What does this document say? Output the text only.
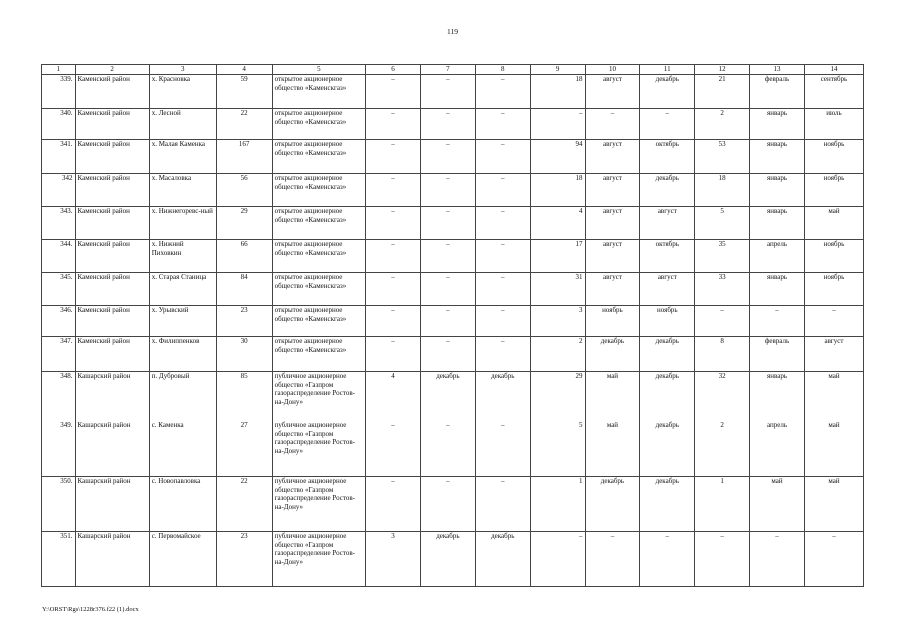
119
1	2	3	4	5	6	7	8	9	10	11	12	13	14
339.	Каменский район	х. Красновка	59	открытое акционерное общество «Каменскгаз»	–	–	–	18	август	декабрь	21	февраль	сентябрь
340.	Каменский район	х. Лесной	22	открытое акционерное общество «Каменскгаз»	–	–	–	–	–	–	2	январь	июль
341.	Каменский район	х. Малая Каменка	167	открытое акционерное общество «Каменскгаз»	–	–	–	94	август	октябрь	53	январь	ноябрь
342	Каменский район	х. Масаловка	56	открытое акционерное общество «Каменскгаз»	–	–	–	18	август	декабрь	18	январь	ноябрь
343.	Каменский район	х. Нижнегоревс-ный	29	открытое акционерное общество «Каменскгаз»	–	–	–	4	август	август	5	январь	май
344.	Каменский район	х. Нижний Пиховкин	66	открытое акционерное общество «Каменскгаз»	–	–	–	17	август	октябрь	35	апрель	ноябрь
345.	Каменский район	х. Старая Станица	84	открытое акционерное общество «Каменскгаз»	–	–	–	31	август	август	33	январь	ноябрь
346.	Каменский район	х. Урывский	23	открытое акционерное общество «Каменскгаз»	–	–	–	3	ноябрь	ноябрь	–	–	–
347.	Каменский район	х. Филиппенков	30	открытое акционерное общество «Каменскгаз»	–	–	–	2	декабрь	декабрь	8	февраль	август
348.	Кашарский район	п. Дубровый	85	публичное акционерное общество «Газпром газораспределение Ростов-на-Дону»	4	декабрь	декабрь	29	май	декабрь	32	январь	май
349.	Кашарский район	с. Каменка	27	публичное акционерное общество «Газпром газораспределение Ростов-на-Дону»	–	–	–	5	май	декабрь	2	апрель	май
350.	Кашарский район	с. Новопавловка	22	публичное акционерное общество «Газпром газораспределение Ростов-на-Дону»	–	–	–	1	декабрь	декабрь	1	май	май
351.	Кашарский район	с. Первомайское	23	публичное акционерное общество «Газпром газораспределение Ростов-на-Дону»	3	декабрь	декабрь	–	–	–	–	–	–
Y:\ORST\Rgs\1228r376.f22 (1).docx
